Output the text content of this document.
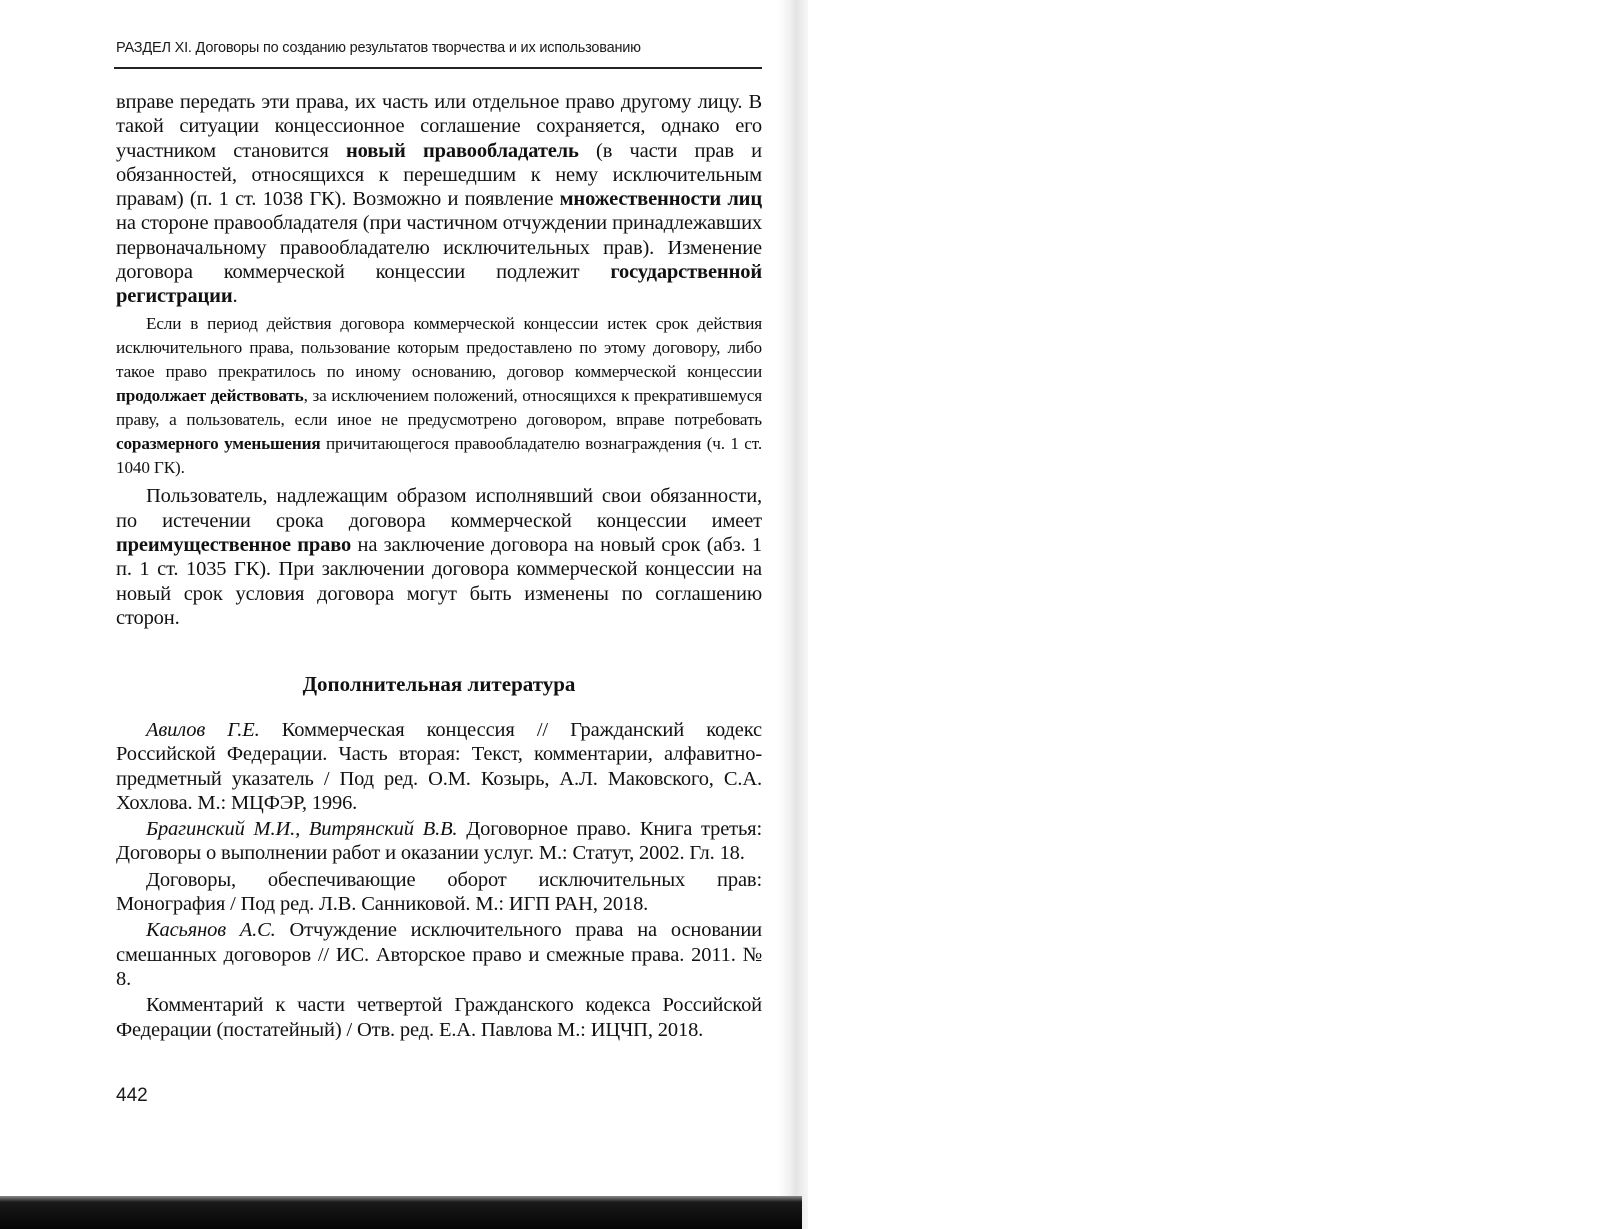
РАЗДЕЛ XI. Договоры по созданию результатов творчества и их использованию

вправе передать эти права, их часть или отдельное право другому лицу. В такой ситуации концессионное соглашение сохраняется, однако его участником становится новый правообладатель (в части прав и обязанностей, относящихся к перешедшим к нему исключительным правам) (п. 1 ст. 1038 ГК). Возможно и появление множественности лиц на стороне правообладателя (при частичном отчуждении принадлежавших первоначальному правообладателю исключительных прав). Изменение договора коммерческой концессии подлежит государственной регистрации.

Если в период действия договора коммерческой концессии истек срок действия исключительного права, пользование которым предоставлено по этому договору, либо такое право прекратилось по иному основанию, договор коммерческой концессии продолжает действовать, за исключением положений, относящихся к прекратившемуся праву, а пользователь, если иное не предусмотрено договором, вправе потребовать соразмерного уменьшения причитающегося правообладателю вознаграждения (ч. 1 ст. 1040 ГК).

Пользователь, надлежащим образом исполнявший свои обязанности, по истечении срока договора коммерческой концессии имеет преимущественное право на заключение договора на новый срок (абз. 1 п. 1 ст. 1035 ГК). При заключении договора коммерческой концессии на новый срок условия договора могут быть изменены по соглашению сторон.

Дополнительная литература

Авилов Г.Е. Коммерческая концессия // Гражданский кодекс Российской Федерации. Часть вторая: Текст, комментарии, алфавитно-предметный указатель / Под ред. О.М. Козырь, А.Л. Маковского, С.А. Хохлова. М.: МЦФЭР, 1996.

Брагинский М.И., Витрянский В.В. Договорное право. Книга третья: Договоры о выполнении работ и оказании услуг. М.: Статут, 2002. Гл. 18.

Договоры, обеспечивающие оборот исключительных прав: Монография / Под ред. Л.В. Санниковой. М.: ИГП РАН, 2018.

Касьянов А.С. Отчуждение исключительного права на основании смешанных договоров // ИС. Авторское право и смежные права. 2011. № 8.

Комментарий к части четвертой Гражданского кодекса Российской Федерации (постатейный) / Отв. ред. Е.А. Павлова М.: ИЦЧП, 2018.

442
